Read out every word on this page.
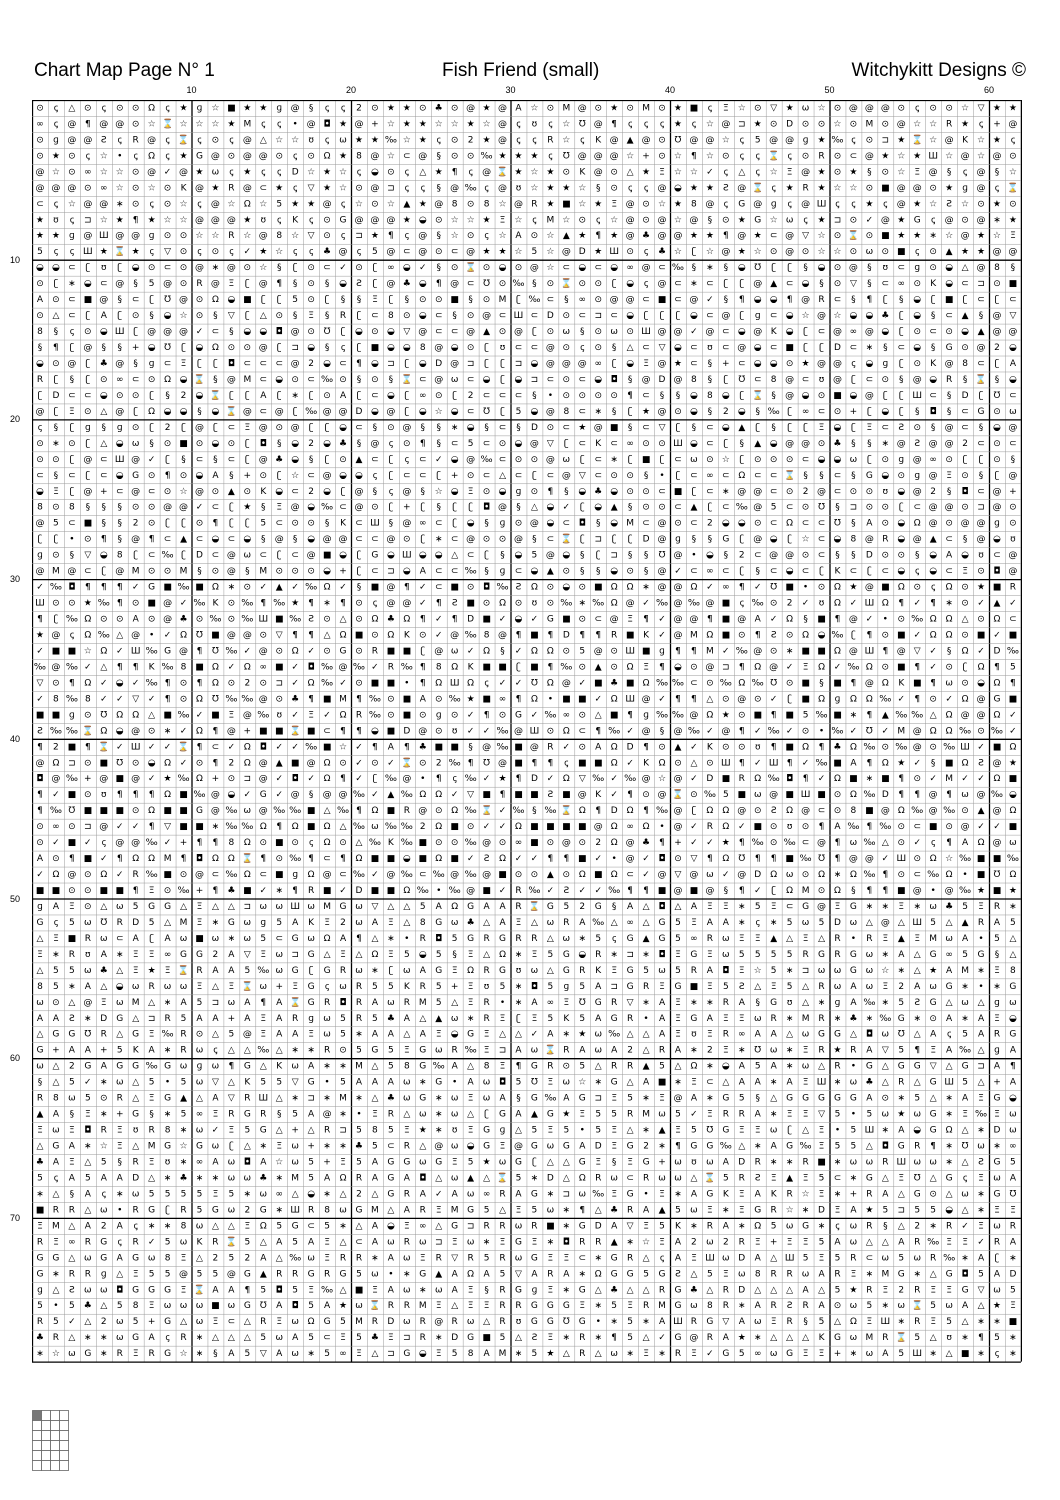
Chart Map Page N° 1	Fish Friend (small)	Witchykitt Designs ©
10	20	30	40	50	60
10
20
30
40
50
60
70
⊙ ꞔ △ ⊙ ꞔ ⊙ ⊙ Ω ꞔ ★ ɡ ☆ ■ ★ ★ ɡ @ § ꞔ ꞔ 2 ⊙ ★ ★ ⊙ ♣ ⊙ @ ★ @ A ☆ ⊙ M @ ⊙ ★ ⊙ M ⊙ ★ ■ ꞔ Ξ ☆ ⊙ ▽ ★ ω ☆ ⊙ @ @ @ ⊙ ꞔ ⊙ ⊙ ☆ ▽ ★ ★
∞ ꞔ @ ¶ @ @ ⊙ ☆ ⌛ ☆ ☆ ☆ ★ M ꞔ ꞔ • @ ◘ ★ @ + ☆ ★ ★ ☆ ☆ ★ ☆ @ ꞔ ʊ ꞔ ☆ Ʊ @ ¶ ꞔ ꞔ ꞔ ★ ꞔ ☆ @ ⊐ ★ ⊙ D ⊙ ⊙ ☆ ⊙ M ⊙ @ ☆ ☆ R ★ ꞔ + @
⊙ ɡ @ @ Ƨ ꞔ R @ ꞔ ⌛ ꞔ ⊙ ꞔ @ △ ☆ ☆ ʊ ꞔ ω ★ ★ ‰ ☆ ★ ꞔ ⊙ 2 ★ @ ꞔ ꞔ R ☆ ꞔ K @ ▲ @ ⊙ Ʊ @ @ ☆ ꞔ 5 @ @ ɡ ★ ‰ ꞔ ⊙ ⊐ ★ ⌛ ☆ @ K ☆ ★ ꞔ
⊙ ★ ⊙ ꞔ ☆ • ꞔ Ω ꞔ ★ G @ ⊙ @ @ ⊙ ꞔ ⊙ Ω ★ 8 @ ☆ ⊂ @ § ⊙ ⊙ ‰ ★ ★ ★ ꞔ Ʊ @ @ @ ☆ + ⊙ ☆ ¶ ☆ ⊙ ꞔ ꞔ ⌛ ꞔ ⊙ R ⊙ ⊂ @ ★ ☆ ★ Ш ☆ @ ☆ @ ⊙
@ ☆ ⊙ ∞ ☆ ☆ ⊙ @ ✓ @ ★ ω ꞔ ★ ꞔ ꞔ D ☆ ★ ☆ ꞔ ◒ ⊙ ꞔ △ ★ ¶ ꞔ @ ⌛ ★ ☆ ★ ⊙ K @ ⊙ △ ★ Ξ ☆ ☆ ✓ ꞔ △ ꞔ ☆ Ξ @ ★ ⊙ ★ § ⊙ ☆ Ξ @ § ꞔ @ § ☆
@ @ @ ⊙ ∞ ☆ ⊙ ☆ ⊙ K @ ★ R @ ⊂ ★ ꞔ ▽ ★ ☆ ⊙ @ ⊐ ꞔ ꞔ § @ ‰ ꞔ @ ʊ ☆ ★ ★ ☆ § ⊙ ꞔ ꞔ @ ◒ ★ ★ Ƨ @ ⌛ ꞔ ★ R ★ ☆ ☆ ⊙ ■ @ @ ⊙ ★ ɡ @ ꞔ ⌛
⊂ ꞔ ☆ @ @ ∗ ⊙ ꞔ ⊙ ☆ ꞔ @ ☆ Ω ☆ 5 ★ ★ @ ꞔ ☆ ⊙ ☆ ▲ ★ @ 8 ⊙ 8 ☆ @ R ★ ■ ☆ ★ Ξ @ ⊙ ☆ ★ 8 @ ꞔ G @ ɡ ꞔ @ Ш ꞔ ꞔ ★ ꞔ @ ★ ☆ Ƨ ☆ ⊙ ★ ⊙
★ ʊ ꞔ ⊐ ☆ ★ ¶ ★ ☆ ☆ @ @ @ ★ ʊ ꞔ K ꞔ ⊙ G @ @ @ ★ ◒ ⊙ ☆ ☆ ★ Ξ ☆ ꞔ M ☆ ⊙ ꞔ ☆ @ ⊙ @ ☆ @ § ⊙ ★ G ☆ ω ꞔ ★ ⊐ ⊙ ✓ @ ★ G ꞔ @ ⊙ @ ∗ ★
★ ★ ɡ @ Ш @ @ ɡ ⊙ ⊙ ☆ ☆ R ☆ @ 8 ☆ ▽ ⊙ ꞔ ⊐ ★ ¶ ꞔ @ § ☆ ⊙ ꞔ ☆ A ⊙ ☆ ▲ ★ ¶ ★ @ ♣ @ @ ★ ★ ¶ @ ★ ⊂ @ ▽ ☆ ⊙ ⌛ ⊙ ■ ★ ★ ∗ ☆ @ ★ ☆ Ξ
5 ꞔ ꞔ Ш ★ ⌛ ★ ꞔ ▽ ⊙ ꞔ ⊙ ꞔ ✓ ★ ☆ ꞔ ꞔ ♣ @ ꞔ 5 @ ⊂ @ ⊙ ⊂ @ ★ ★ ☆ 5 ☆ @ D ★ Ш ⊙ ꞔ ♣ ☆ ʗ ☆ @ ★ ☆ ⊙ @ ⊙ ☆ ☆ ⊙ ω ⊙ ■ ꞔ ⊙ ▲ ★ ★ @ @
◒ ◒ ⊂ ʗ ʊ ʗ ◒ ⊙ ⊂ ⊙ @ ∗ @ ⊙ ☆ § ʗ ⊙ ⊂ ✓ ⊙ ʗ ∞ ◒ ✓ § ⊙ ⌛ ⊙ ◒ ⊙ @ ☆ ⊂ ◒ ⊂ ◒ ∞ @ ⊂ ‰ § ∗ § ◒ Ʊ ʗ ʗ § ◒ ⊙ @ § ʊ ⊂ ɡ ⊙ ◒ △ @ 8 §
⊙ ʗ ∗ ◒ ⊂ @ § 5 @ ⊙ R @ Ξ ʗ @ ¶ § ⊙ § ◒ Ƨ ʗ @ ♣ ◒ ¶ @ ⊂ Ʊ ⊙ ‰ § ⊙ ⌛ ⊙ ⊙ ʗ ◒ ꞔ @ ⊂ ∗ ⊂ ʗ ʗ @ ▲ ⊂ ◒ § ⊙ ▽ § ⊂ ∞ ⊙ K ◒ ⊂ ⊐ ⊙ ■
A ⊙ ⊂ ■ @ § ⊂ ʗ Ʊ @ ⊙ Ω ◒ ■ ʗ ʗ 5 ⊙ ʗ § § Ξ ʗ § ⊙ ⊙ ■ § ⊙ M ʗ ‰ ⊂ § ∞ ⊙ @ @ ⊂ ■ ⊂ @ ✓ § ¶ ◒ ◒ ¶ @ R ⊂ § ¶ ʗ § ◒ ʗ ■ ʗ ⊂ ʗ ⊂
⊙ △ ⊂ ʗ A ʗ ⊙ § ◒ ☆ ⊙ § ▽ ʗ △ ⊙ § Ξ § R ʗ ⊂ 8 ⊙ ◒ ⊂ § ⊙ @ ⊂ Ш ⊂ D ⊙ ⊂ ⊐ ⊂ ◒ ʗ ʗ ʗ ◒ ⊂ @ ʗ ɡ ⊂ ◒ ☆ @ ☆ ◒ ◒ ♣ ʗ ◒ § ⊂ ▲ § @ ▽
8 § ꞔ ⊙ ◒ Ш ʗ @ @ @ ✓ ⊂ § ◒ ◒ ◘ @ ⊙ Ʊ ʗ ◒ ⊙ ◒ ▽ @ ⊂ ⊂ @ ▲ ⊙ @ ʗ ⊙ ω § ⊙ ω ⊙ Ш @ @ ✓ @ ⊂ ◒ @ K ◒ ʗ ⊂ @ ∞ @ ◒ ʗ ⊙ ⊂ ⊙ ◒ ▲ @ @
§ ¶ ʗ @ § § + ◒ Ʊ ʗ ◒ Ω ⊙ ⊙ @ ʗ ⊐ ◒ § ꞔ ʗ ■ ◒ ◒ 8 @ ◒ ⊙ ʗ ʊ ⊂ ⊂ @ ⊙ ꞔ ⊙ § △ ⊂ ▽ ◒ ⊂ ʊ ⊂ @ ◒ ⊂ ■ ʗ ʗ D ⊂ ∗ § ⊂ ◒ § G ⊙ @ 2 ◒
◒ ⊙ @ ʗ ♣ @ § ɡ ⊂ Ξ ʗ ʗ ◘ ⊂ ⊂ ⊂ @ 2 ◒ ⊂ ¶ ◒ ⊐ ʗ ◒ D @ ⊐ ʗ ʗ ⊐ ◒ @ @ @ ∞ ʗ ◒ Ξ @ ★ ⊂ § + ⊂ ◒ ◒ ⊙ ★ @ @ ꞔ ◒ ɡ ʗ ⊙ K @ 8 ⊂ ʗ A
R ʗ § ʗ ⊙ ∞ ⊂ ⊙ Ω ◒ ⌛ § @ M ⊂ ◒ ⊙ ⊂ ‰ ⊙ § ⊙ § ⌛ ⊂ @ ω ⊂ ◒ ʗ ◒ ⊐ ⊂ ⊙ ⊂ ◒ ◘ § @ D @ 8 § ʗ Ʊ ⊂ 8 @ ⊂ ʊ @ ʗ ⊂ ⊙ § @ ◒ R § ⌛ § ◒
ʗ D ⊂ ⊂ ◒ ⊙ ⊙ ʗ § 2 ◒ ⌛ ʗ ʗ A ʗ ∗ ʗ ⊙ A ʗ ⊂ ◒ ʗ ∞ ⊙ ʗ 2 ⊂ ⊂ ⊂ § • ⊙ ⊙ ⊙ ⊙ ¶ ⊂ § § ◒ 8 ◒ ʗ ⌛ § @ ◒ ⊙ ■ ◒ @ ʗ ʗ Ш ⊂ § D ʗ Ʊ ⊂
@ ʗ Ξ ⊙ △ @ ʗ Ω ◒ ◒ § ◒ ⌛ @ ⊂ @ ʗ ‰ @ @ D ◒ @ ʗ ◒ ☆ ◒ ⊂ Ʊ ʗ 5 ◒ @ 8 ⊂ ∗ § ʗ ★ @ ⊙ ◒ § 2 ◒ § ‰ ʗ ∞ ⊂ ⊙ + ʗ ◒ ʗ § ◘ § ⊂ G ⊙ ω
ꞔ § ʗ ɡ § ɡ ⊙ ʗ 2 ʗ @ ʗ ⊂ Ξ @ ⊙ @ ʗ ʗ ◒ ⊂ § ⊙ @ § § ∗ ◒ § ⊂ § D ⊙ ⊂ ★ @ ■ § ⊂ ▽ ʗ § ⊂ ◒ ▲ ʗ § ʗ ʗ Ξ ◒ ʗ Ξ ⊂ Ƨ ⊙ § @ ⊂ § ◒ @
⊙ ∗ ⊙ ʗ △ ◒ ω § ⊙ ■ ⊙ ◒ ⊙ ʗ ◘ § ◒ 2 ◒ ♣ § @ ꞔ ⊙ ¶ § ⊂ 5 ⊂ ⊙ ◒ @ ▽ ʗ ⊂ K ⊂ ∞ ⊙ ⊙ Ш ◒ ⊂ ʗ § ▲ ◒ @ @ ⊙ ♣ § § ∗ @ Ƨ @ @ 2 ⊂ ⊙ ⊂
⊙ ⊙ ʗ @ ⊂ Ш @ ✓ ʗ § ⊂ § ⊂ ʗ @ ♣ ◒ § ʗ ⊙ ▲ ⊂ ʗ ꞔ ⊂ ✓ ◒ @ ‰ ⊂ ⊙ ⊙ @ ω ʗ ⊂ ∗ ʗ ■ ʗ ⊂ ω ⊙ ☆ ʗ ⊙ ⊙ ⊙ ⊂ ◒ ◒ ω ʗ ⊙ ɡ @ ∞ ⊙ ʗ ʗ ⊙ §
⊂ § ⊂ ʗ ⊂ ◒ G ⊙ ¶ ⊙ ◒ A § + ⊙ ʗ ☆ ⊂ @ ◒ ◒ ꞔ ʗ ⊂ ⊂ ʗ + ⊙ ⊂ △ ⊂ ʗ ⊂ @ ▽ ⊂ ⊙ ⊙ § • ʗ ⊂ ∞ ⊂ Ω ⊂ ⊂ ⌛ § § ⊂ § G ◒ ⊙ ɡ @ Ξ ⊙ § ʗ @
◒ Ξ ʗ @ + ⊂ @ ⊂ ⊙ ☆ @ ⊙ ▲ ⊙ K ◒ ⊂ 2 ◒ ʗ @ § ꞔ @ § ☆ ◒ Ξ ⊙ ◒ ɡ ⊙ ¶ § ◒ ♣ ◒ ⊙ ⊙ ⊂ ■ ʗ ⊂ ∗ @ @ ⊂ ⊙ 2 @ ⊂ ⊙ ⊙ ʊ ◒ @ 2 § ◘ ⊂ @ +
8 ⊙ 8 § § § ⊙ ⊙ @ @ ✓ ⊂ ʗ ★ § Ξ @ ◒ ‰ ⊂ @ ⊙ ʗ + ʗ § ʗ ʗ ◘ @ § △ ◒ ✓ ʗ ◒ ▲ § ⊙ ⊙ ⊂ ▲ ʗ ⊂ ‰ @ 5 ⊂ ⊙ Ʊ § ⊐ ⊙ ⊙ ʗ ⊂ @ @ ⊙ ⊐ @ ⊙
@ 5 ⊂ ■ § § 2 ⊙ ʗ ʗ ⊙ ¶ ʗ ʗ 5 ⊂ ⊙ ⊙ § K ⊂ Ш § @ ∞ ⊂ ʗ ◒ § ɡ ⊙ @ ◒ ⊂ ◘ § ◒ M ⊂ @ ⊙ ⊂ 2 ◒ ◒ ⊙ ⊂ Ω ⊂ ⊂ Ʊ § A ⊙ ◒ Ω @ ⊙ @ @ ɡ ⊙
ʗ ʗ • ⊙ ¶ § @ ¶ ⊂ ▲ ⊂ ◒ ⊂ ◒ § @ § ◒ @ @ ⊂ ⊂ @ ⊙ ʗ ∗ ⊂ @ ⊙ ⊙ @ § ⊂ ⌛ ʗ ⊐ ʗ ʗ D @ ɡ § § G ʗ @ ◒ ʗ ☆ ⊂ ◒ 8 @ R ◒ @ ▲ ⊂ § @ ◒ ʊ
ɡ ⊙ § ▽ ◒ 8 ʗ ⊂ ‰ ʗ D ⊂ @ ω ⊂ ʗ ⊂ @ ■ ◒ ʗ G ◒ Ш ◒ ◒ △ ⊂ ʗ § ◒ 5 @ ◒ § ʗ ⊐ § § Ʊ @ • ◒ § 2 ⊂ @ @ ⊙ ⊂ § § D ⊙ ⊙ § ◒ A ◒ ʊ ⊂ @
@ M @ ⊂ ʗ @ M ⊙ ⊙ M § ⊙ @ § M ⊙ ⊙ ⊙ ◒ + ʗ ⊂ ⊐ ◒ A ⊂ ⊂ ‰ § ɡ ⊂ ◒ ▲ ⊙ § § ◒ ⊙ § @ ✓ ⊂ ∞ ⊂ ʗ § ⊂ ◒ ⊂ ʗ K ⊂ ʗ ⊂ ◒ ꞔ ◒ ⊂ Ξ ⊙ ◘ @
✓ ‰ ◘ ¶ ¶ ¶ ✓ G ■ ‰ ■ Ω ∗ ⊙ ✓ ▲ ✓ ‰ Ω ✓ § ■ @ ¶ ✓ ⊂ ■ ⊙ ◘ ‰ Ƨ Ω ⊙ ◒ ⊙ ■ Ω Ω ∗ @ @ Ω ✓ ∞ ¶ ✓ Ʊ ■ • ⊙ Ω ★ @ ■ Ω ⊙ ꞔ Ω ⊙ ★ ■ R
Ш ⊙ ⊙ ★ ‰ ¶ ⊙ ■ @ ✓ ‰ K ⊙ ‰ ¶ ‰ ★ ¶ ∗ ¶ ⊙ ꞔ @ @ ✓ ¶ Ƨ ■ ⊙ Ω ⊙ ʊ ⊙ ‰ ∗ ‰ Ω @ ✓ ‰ @ ‰ @ ■ ꞔ ‰ ⊙ 2 ✓ ʊ Ω ✓ Ш Ω ¶ ✓ ¶ ∗ ⊙ ✓ ▲ ✓
¶ ʗ ‰ Ω ⊙ ⊙ A ⊙ @ ♣ ⊙ ‰ ⊙ ‰ Ш ■ ‰ Ƨ ⊙ △ ⊙ Ω ♣ Ω ¶ ✓ ¶ D ■ ✓ ◒ ✓ G ■ ⊙ ⊂ @ Ξ ¶ ✓ @ @ ¶ ■ @ A ✓ Ω § ■ ¶ @ ✓ • ⊙ ‰ Ω Ω △ ⊙ Ω ⊂
★ @ ꞔ Ω ‰ △ @ • ✓ Ω Ʊ ■ @ @ ⊙ ▽ ¶ ¶ △ Ω ■ ⊙ Ω K ⊙ ✓ @ ‰ 8 @ ¶ ■ ¶ D ¶ ¶ R ■ K ✓ @ M Ω ■ ⊙ ¶ Ƨ ⊙ Ω ◒ ‰ ʗ ¶ ⊙ ■ ✓ Ω Ω ⊙ ■ ✓ ■
✓ ■ ■ ☆ Ω ✓ Ш ‰ G @ ¶ Ʊ ‰ ✓ @ ⊙ Ω ✓ ⊙ G ⊙ R ■ ■ ʗ @ ω ✓ Ω § ✓ Ω Ω ⊙ 5 @ ⊙ Ш ■ ɡ ¶ ¶ M ✓ ‰ @ ⊙ ∗ ■ ■ Ω @ Ш ¶ @ ▽ ✓ § Ω ✓ D ‰
‰ @ ‰ ✓ △ ¶ ¶ K ‰ 8 ■ Ω ✓ Ω ∞ ■ ✓ ◘ ‰ @ ‰ ✓ R ‰ ¶ 8 Ω K ■ ■ ʗ ■ ¶ ‰ ⊙ ▲ ⊙ Ω Ξ ¶ ◒ ⊙ @ ⊐ ¶ Ω @ ✓ Ξ Ω ✓ ‰ Ω ⊙ ■ ¶ ✓ ⊙ ʗ Ω ¶ 5
▽ ⊙ ¶ Ω ✓ ◒ ✓ ‰ ¶ ⊙ ¶ Ω ⊙ 2 ⊙ ⊐ ✓ Ω ‰ ✓ ⊙ ■ ■ • ¶ Ω Ш Ω ꞔ ✓ ✓ Ʊ Ω @ ✓ ■ ♣ ■ Ω ‰ ‰ ⊂ ⊙ ‰ Ω ‰ Ʊ ⊙ ■ § ■ ¶ @ Ω K ■ ¶ ω ⊙ ◒ Ω ¶
✓ 8 ‰ 8 ✓ ✓ ▽ ✓ ¶ ⊙ Ω Ʊ ‰ ‰ @ ⊙ ♣ ¶ ■ M ¶ ‰ ⊙ ■ A ⊙ ‰ ★ ■ ∞ ¶ Ω • ■ ■ ✓ Ω Ш @ ✓ ¶ ¶ △ ⊙ @ ⊙ ✓ ʗ ■ Ω ɡ Ω Ω ‰ ✓ ¶ ⊙ ✓ Ω @ G ■
■ ■ ɡ ⊙ Ʊ Ω Ω △ ■ ‰ ✓ ■ Ξ @ ‰ ʊ ✓ Ξ ✓ Ω R ‰ ⊙ ■ ⊙ ɡ ⊙ ✓ ¶ ⊙ G ✓ ‰ ∞ ⊙ △ ■ ¶ ɡ ‰ ‰ @ Ω ★ ⊙ ■ ¶ ■ 5 ‰ ■ ∗ ¶ ▲ ‰ ‰ △ Ω @ @ Ω ✓
Ƨ ‰ ‰ ⌛ Ω ◒ @ ⊙ ∗ ✓ Ω ¶ @ + ■ ■ ⌛ ■ ⊂ ¶ ¶ ◒ ■ D @ ⊙ ʊ ✓ ✓ ‰ @ Ш ⊙ Ω ⊂ ¶ ‰ ✓ @ § @ ‰ ✓ @ ¶ ✓ ‰ ✓ ⊙ • ‰ ✓ Ʊ ✓ M @ Ω Ω ‰ ⊙ ‰ ✓
¶ 2 ■ ¶ ⌛ ✓ Ш ✓ ✓ ⌛ ¶ ⊂ ✓ Ω ◘ ✓ ✓ ‰ ■ ☆ ✓ ¶ A ¶ ♣ ■ ■ § @ ‰ ■ @ R ✓ ⊙ A Ω D ¶ ⊙ ▲ ✓ K ⊙ ⊙ ʊ ¶ ■ Ω ¶ ♣ Ω ‰ ⊙ ‰ @ ⊙ ‰ Ш ✓ ■ Ω
@ Ω ⊐ ⊙ ■ Ʊ ⊙ ◒ Ω ✓ ⊙ ¶ 2 Ω @ ▲ ■ @ Ω ⊙ ✓ ⊙ ✓ ⌛ ⊙ 2 ‰ ¶ Ʊ @ ■ ¶ ¶ ꞔ ■ ■ Ω ✓ K Ω ⊙ △ ⊙ Ш ¶ ✓ Ш ¶ ✓ ‰ ■ A ¶ Ω ★ ✓ § ■ Ω Ƨ @ ★
◘ @ ‰ + @ ■ @ ✓ ★ ‰ Ω + ⊙ ⊐ @ ✓ ◘ ✓ Ω ¶ ✓ ʗ ‰ @ • ¶ ꞔ ‰ ✓ ★ ¶ D ✓ Ω ▽ ‰ ✓ ‰ @ ☆ @ ✓ D ■ R Ω ‰ ◘ ¶ ✓ Ω ■ ∗ ■ ¶ ⊙ ✓ M ✓ ✓ Ω ■
¶ ✓ ■ ⊙ ʊ ¶ ¶ ¶ Ω ■ ‰ @ ◒ ✓ G ✓ @ § @ @ ‰ ✓ ▲ ‰ Ω Ω ✓ ▽ ■ ¶ ■ ■ Ƨ ■ @ K ✓ ¶ ⊙ @ ⌛ ⊙ ‰ 5 ■ ω @ ■ Ш ■ ⊙ Ω ‰ D ¶ ¶ @ ¶ ω @ ‰ ◒
¶ ‰ Ʊ ■ ■ ■ ⊙ Ω ■ ■ G @ ‰ ω @ ‰ ‰ ■ △ ‰ ¶ Ω ■ R @ ⊙ Ω ‰ ⌛ ✓ ‰ § ‰ ⌛ Ω ¶ D Ω ¶ ‰ @ ʗ Ω Ω @ ⊙ Ƨ Ω @ ⊂ ⊙ 8 ■ @ Ω ‰ @ ‰ ⊙ ▲ @ Ω
⊙ ∞ ⊙ ⊐ @ ✓ ✓ ¶ ▽ ■ ■ ∗ ‰ ‰ Ω ¶ Ω ■ Ω △ ‰ ω ‰ ‰ 2 Ω ■ ⊙ ✓ ✓ Ω ■ ■ ■ ■ @ Ω ∞ Ω • @ ✓ R Ω ✓ ■ ⊙ ʊ ⊙ ¶ A ‰ ¶ ‰ ⊙ ⊂ ■ ⊙ @ ✓ ✓ ■
⊙ ✓ ■ ✓ ꞔ @ @ ‰ ✓ + ¶ ¶ 8 Ω ⊙ ■ ⊙ ꞔ Ω ⊙ △ ‰ K ‰ ■ ⊙ ⊙ ‰ @ ⊙ ∞ ■ ⊙ @ ⊙ 2 Ω @ ♣ ¶ + ✓ ✓ ★ ¶ ‰ ⊙ ‰ ⊂ @ ¶ ω ‰ △ ⊙ ✓ ꞔ ¶ A Ω @ ω
A ⊙ ¶ ■ ✓ ¶ Ω Ω M ¶ ◘ Ω Ω ⌛ ¶ ⊙ ‰ ¶ ⊂ ¶ Ω ■ ■ ◒ ■ Ω ■ ✓ Ƨ Ω ✓ ✓ ¶ ¶ ■ ✓ • @ ✓ ◘ ⊙ ▽ ¶ Ω Ʊ ¶ ¶ ■ ‰ Ʊ ¶ @ @ ✓ Ш ⊙ Ω ☆ ‰ ■ ■ ‰
✓ Ω @ ⊙ Ω ✓ R ‰ ■ ⊙ @ ⊂ ‰ Ω ⊂ ■ ɡ Ω @ ⊂ ‰ ✓ @ ‰ ⊂ ‰ @ ‰ @ ■ ⊙ ⊙ ▲ ⊙ Ω ■ Ω ⊂ ✓ @ ▽ @ ω ✓ @ D Ω ω ⊙ Ω ∗ Ω ‰ ¶ ⊙ ⊂ ‰ Ω • ■ Ʊ Ω
■ ■ ⊙ ⊙ ■ ■ ¶ Ξ ⊙ ‰ + ¶ ♣ ■ ✓ ∗ ¶ R ■ ✓ D ■ ■ Ω ‰ • ‰ @ ■ ✓ R ‰ ✓ Ƨ ✓ ✓ ‰ ¶ ¶ ■ @ ■ @ § ¶ ✓ ʗ Ω M ⊙ Ω § ¶ ¶ ■ @ • @ ‰ ★ ■ ★
ɡ A Ξ ⊙ △ ω 5 G G △ Ξ △ △ ⊐ ω ω Ш ω M G ω ▽ △ △ 5 A Ω G A A R ⌛ G 5 2 G § A △ ◘ △ A Ξ Ξ ∗ 5 Ξ ⊂ G @ Ξ G ∗ ∗ Ξ ∗ ω ♣ 5 Ξ R ∗
G ꞔ 5 ω Ʊ R D 5 △ M Ξ ∗ G ω ɡ 5 A K Ξ 2 ω A Ξ △ 8 G ω ♣ △ A Ξ △ ω R A ‰ △ ∞ △ G 5 Ξ A A ∗ ꞔ ∗ 5 ω 5 D ω △ @ △ Ш 5 △ ▲ R A 5
△ Ξ ■ R ω ⊂ A ʗ A ω ■ ω ∗ ω 5 ⊂ G ω Ω A ¶ △ ∗ • R ◘ 5 G R G R R △ ω ∗ 5 ꞔ G ▲ G 5 ∞ R ω Ξ Ξ ▲ △ Ξ △ R • R Ξ ▲ Ξ M ω A • 5 △
Ξ ∗ R ʊ A ∗ Ξ Ξ ∞ G G 2 A ▽ Ξ ω ⊐ G △ Ξ △ Ω Ξ 5 ◒ 5 § Ξ △ Ω ∗ Ξ 5 G ◒ R ∗ ⊐ ∗ ◘ Ξ G Ξ ω 5 5 5 5 R G R G ω ∗ A △ G ∞ 5 G § △
△ 5 5 ω ♣ △ Ξ ★ Ξ ⌛ R A A 5 ‰ ω G ʗ G R ω ∗ ʗ ω A G Ξ Ω R G ʊ ω △ G R K Ξ G 5 ω 5 R A ◘ Ξ ☆ 5 ∗ ⊐ ω ω G ω ☆ ∗ △ ★ A M ∗ Ξ 8
8 5 ∗ A △ ◒ ω R ω ω Ξ △ Ξ ⌛ ω + Ξ G ꞔ ω R 5 5 K R 5 + Ξ ʊ 5 ∗ ◘ 5 ɡ 5 A ⊐ G R Ξ G ■ Ξ 5 Ƨ △ Ξ 5 △ R ω A ω Ξ 2 A ω G ∗ • ∗ G
ω ⊙ △ @ Ξ ω M △ ∗ A 5 ⊐ ω A ¶ A ⌛ G R ◘ R A ω R M 5 △ Ξ R • ∗ A ∞ Ξ Ʊ G R ▽ ∗ A Ξ ∗ ∗ R A § G ʊ △ ∗ ɡ A ‰ ∗ 5 Ƨ G △ ω △ ɡ ω
A A Ƨ ∗ D G △ ⊐ R 5 A A + A Ξ A R ɡ ω 5 R 5 ♣ A △ ▲ ω ∗ R Ξ ʗ Ξ 5 K 5 A G R • A Ξ G A Ξ Ξ ω R ∗ M R ∗ ♣ ∗ ‰ G ∗ ⊙ A ∗ A Ξ ◒
△ G G Ʊ R △ G Ξ ‰ R ⊙ △ 5 @ Ξ A A Ξ ω 5 ∗ A A △ A Ξ ◒ G Ξ △ △ ✓ A ∗ ★ ω ‰ △ △ A Ξ ʊ Ξ R ∞ A A △ ω G G △ ◘ ω Ʊ △ A ꞔ 5 A R G
G + A A + 5 K A ∗ R ω ꞔ △ △ ‰ △ ∗ ∗ R ⊙ 5 G 5 Ξ G ω R ‰ Ξ ⊐ A ω ⌛ R A ω A 2 △ R A ∗ 2 Ξ ∗ Ʊ ω ∗ Ξ R ★ R A ▽ 5 ¶ Ξ A ‰ △ ɡ A
ω △ 2 G A G G ‰ G ω ɡ ω ¶ G △ K ω A ∗ ∗ M △ 5 8 G ‰ A △ 8 Ξ ¶ G R ⊙ 5 △ R R ▲ 5 △ Ω ∗ ◒ A 5 A ∗ ω △ R • G △ G G ▽ △ G ⊐ A ¶
§ △ 5 ✓ ∗ ω △ 5 • 5 ω ▽ △ K 5 5 ▽ G • 5 A A A ω ∗ G • A ω ◘ 5 Ʊ Ξ ω ☆ ∗ G △ A ■ ∗ Ξ ⊂ △ A A ∗ A Ξ Ш ∗ ω ♣ △ R △ G Ш 5 △ + A
R 8 ω 5 ⊙ R △ Ξ G ▲ △ A ▽ R Ш △ ∗ ⊐ ∗ M ∗ △ ♣ ω G ∗ ω Ξ ω A § G ‰ A G ⊐ Ξ 5 ∗ Ξ @ A ∗ G 5 § △ G G G G G A ⊙ ∗ 5 △ ∗ A Ξ G ◒
▲ A § Ξ ∗ + G § ∗ 5 ∞ Ξ R G R § 5 A @ ∗ • Ξ R △ ω ∗ ω △ ʗ G A ▲ G ★ Ξ 5 5 R M ω 5 ✓ Ξ R R A ∗ Ξ Ξ ▽ 5 • 5 ω ★ ω G ∗ Ξ ‰ Ξ ω
Ξ ω Ξ ◘ R Ξ ʊ R 8 ∗ ω ✓ Ξ 5 G △ + △ R ⊐ 5 8 5 Ξ ★ ∗ ʊ Ξ G ɡ △ 5 Ξ 5 • 5 Ξ △ ∗ ▲ Ξ 5 Ʊ G Ξ Ξ ω ʗ △ Ξ • 5 Ш ∗ A ◒ G Ω △ ∗ D ω
△ G A ∗ ☆ Ξ △ M G ☆ G ω ʗ △ ∗ Ξ ω + ∗ ∗ ♣ 5 ⊂ R △ @ ω ◒ G Ξ @ G ω G A D Ξ G 2 ∗ ¶ G G ‰ △ ∗ A G ‰ Ξ 5 5 △ ◘ G R ¶ ∗ Ʊ ω ∗ ∞
♣ A Ξ △ 5 § R Ξ ʊ ∗ ∞ A ω ◘ A ☆ ω 5 + Ξ 5 A G G ω G Ξ 5 ★ ω G ʗ △ △ G Ξ § Ξ G + ω ʊ ω A D R ∗ ∗ R ■ ∗ ω ω R Ш ω ω ∗ △ Ƨ G 5
5 ꞔ A 5 A A D △ ∗ ♣ ∗ ∗ ω ω ♣ ∗ M 5 A Ω R A G A ◘ △ ω ▲ △ ⌛ 5 ∗ D △ Ω R ω ⊂ R ω ω △ ⌛ 5 R Ƨ Ξ ▲ Ξ 5 ⊂ ∗ G △ Ξ Ʊ △ G ꞔ Ξ ω A
∗ △ § A ꞔ ∗ ω 5 5 5 5 Ξ 5 ∗ ω ∞ △ ◒ ∗ △ 2 △ G R A ✓ A ω ∞ R A G ∗ ⊐ ω ‰ Ξ G • Ξ ∗ A G K Ξ A K R ☆ Ξ ∗ + R A △ G ⊙ △ ω ∗ G Ʊ
■ R R △ ω • R G ʗ R 5 G ω 2 G ∗ Ш R 8 ω G M △ A R Ξ M G 5 △ Ξ 5 ω ∗ ¶ △ ♣ R A ▲ 5 ω Ξ ∗ Ξ G R ☆ ∗ D Ξ A ★ 5 ⊐ 5 5 ◒ △ ∗ Ξ Ξ
Ξ M △ A 2 A ꞔ ∗ ∗ 8 ω △ △ Ξ Ω 5 G ⊂ 5 ∗ △ A ◒ Ξ ∞ △ G ⊐ R R ω R ■ ∗ G D A ▽ Ξ 5 K ∗ R A ∗ Ω 5 ω G ∗ ꞔ ω R § △ 2 ∗ R ✓ Ξ ω R
R Ξ ∞ R G ꞔ R ✓ 5 ω K R ⌛ 5 △ A 5 A Ξ △ ⊂ A ω R ω ⊐ Ξ ω ∗ Ξ G Ξ ∗ ◘ R R ▲ ∗ ☆ Ξ A 2 ω 2 R Ξ + Ξ Ξ 5 A ω △ △ A R ‰ Ξ Ξ ✓ R A
G G △ ω G A G ω 8 Ξ △ 2 5 2 A △ ‰ ω Ξ R R ∗ A ω Ξ R ▽ R 5 R ω G Ξ Ξ ⊂ ∗ G R △ ꞔ A Ξ Ш ω D A △ Ш 5 Ξ 5 R ⊂ ω 5 ω R ‰ ∗ A ʗ ∗
G ∗ R R ɡ △ Ξ 5 5 @ 5 5 @ G ▲ R R G R G 5 ω • ∗ G ▲ A Ω A 5 ▽ A R A ∗ Ω G G 5 G Ƨ △ 5 Ξ ω 8 R R ω A R Ξ ∗ M G ∗ △ G ◘ 5 A D
ɡ △ Ƨ ω ω ◘ G G G Ξ ⌛ A A ¶ 5 ◘ 5 Ξ ‰ △ ■ Ξ A ω ∗ ω A Ξ § R G ɡ Ξ ∗ G △ ♣ △ △ R G ♣ △ R D △ △ △ A △ 5 ★ R Ξ 2 R Ξ Ξ G ▽ ω 5
5 • 5 ♣ △ 5 8 Ξ ω ω ω ■ ω G Ʊ A ◘ 5 A ★ ω ⌛ R R M Ξ △ Ξ Ξ R R G G G Ξ ∗ 5 Ξ R M G ω 8 R ∗ A R Ƨ R A ⊙ ω 5 ∗ ω ⌛ 5 ω A △ ★ Ξ
R 5 ✓ △ 2 ω 5 + G △ ω Ξ ⊂ △ R Ξ ω Ω G 5 M R D ω R @ R ω △ R ʊ G G Ʊ G • ∗ 5 ∗ A Ш R G ▽ A ω Ξ R § 5 △ Ω Ξ Ш ∗ R Ξ 5 △ ∗ ∗ ■
♣ R △ ∗ ∗ ω G A ꞔ R ∗ △ △ △ 5 ω A 5 ⊂ Ξ 5 ♣ Ξ ⊐ R ∗ D G ■ 5 △ Ƨ Ξ ∗ R ∗ ¶ 5 △ ✓ G @ R A ★ ∗ △ △ △ K G ω M R ⌛ 5 △ ʊ ∗ ¶ 5 ∗
∗ ☆ ω G ∗ R Ξ R G ☆ ∗ § A 5 ▽ A ω ∗ 5 ∞ Ξ △ ⊐ G ◒ Ξ 5 8 A M ∗ 5 ★ △ R △ ω ∗ Ξ ∗ R Ξ ✓ G 5 ∞ ω G Ξ Ξ + ∗ ω A 5 Ш ∗ △ ■ ∗ ꞔ ∗
